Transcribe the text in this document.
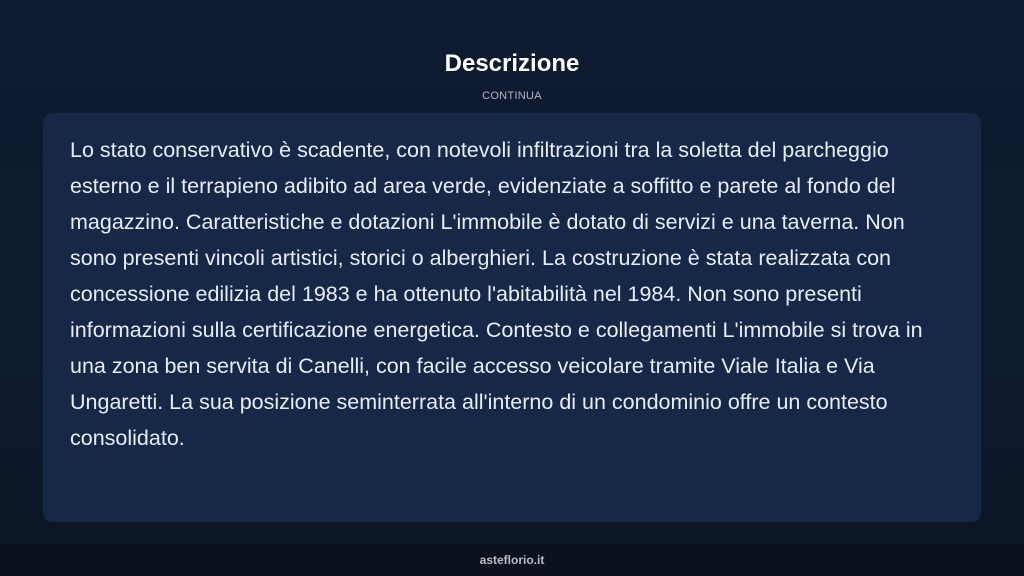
Descrizione
CONTINUA

Lo stato conservativo è scadente, con notevoli infiltrazioni tra la soletta del parcheggio esterno e il terrapieno adibito ad area verde, evidenziate a soffitto e parete al fondo del magazzino. Caratteristiche e dotazioni L'immobile è dotato di servizi e una taverna. Non sono presenti vincoli artistici, storici o alberghieri. La costruzione è stata realizzata con concessione edilizia del 1983 e ha ottenuto l'abitabilità nel 1984. Non sono presenti informazioni sulla certificazione energetica. Contesto e collegamenti L'immobile si trova in una zona ben servita di Canelli, con facile accesso veicolare tramite Viale Italia e Via Ungaretti. La sua posizione seminterrata all'interno di un condominio offre un contesto consolidato.

asteflorio.it
